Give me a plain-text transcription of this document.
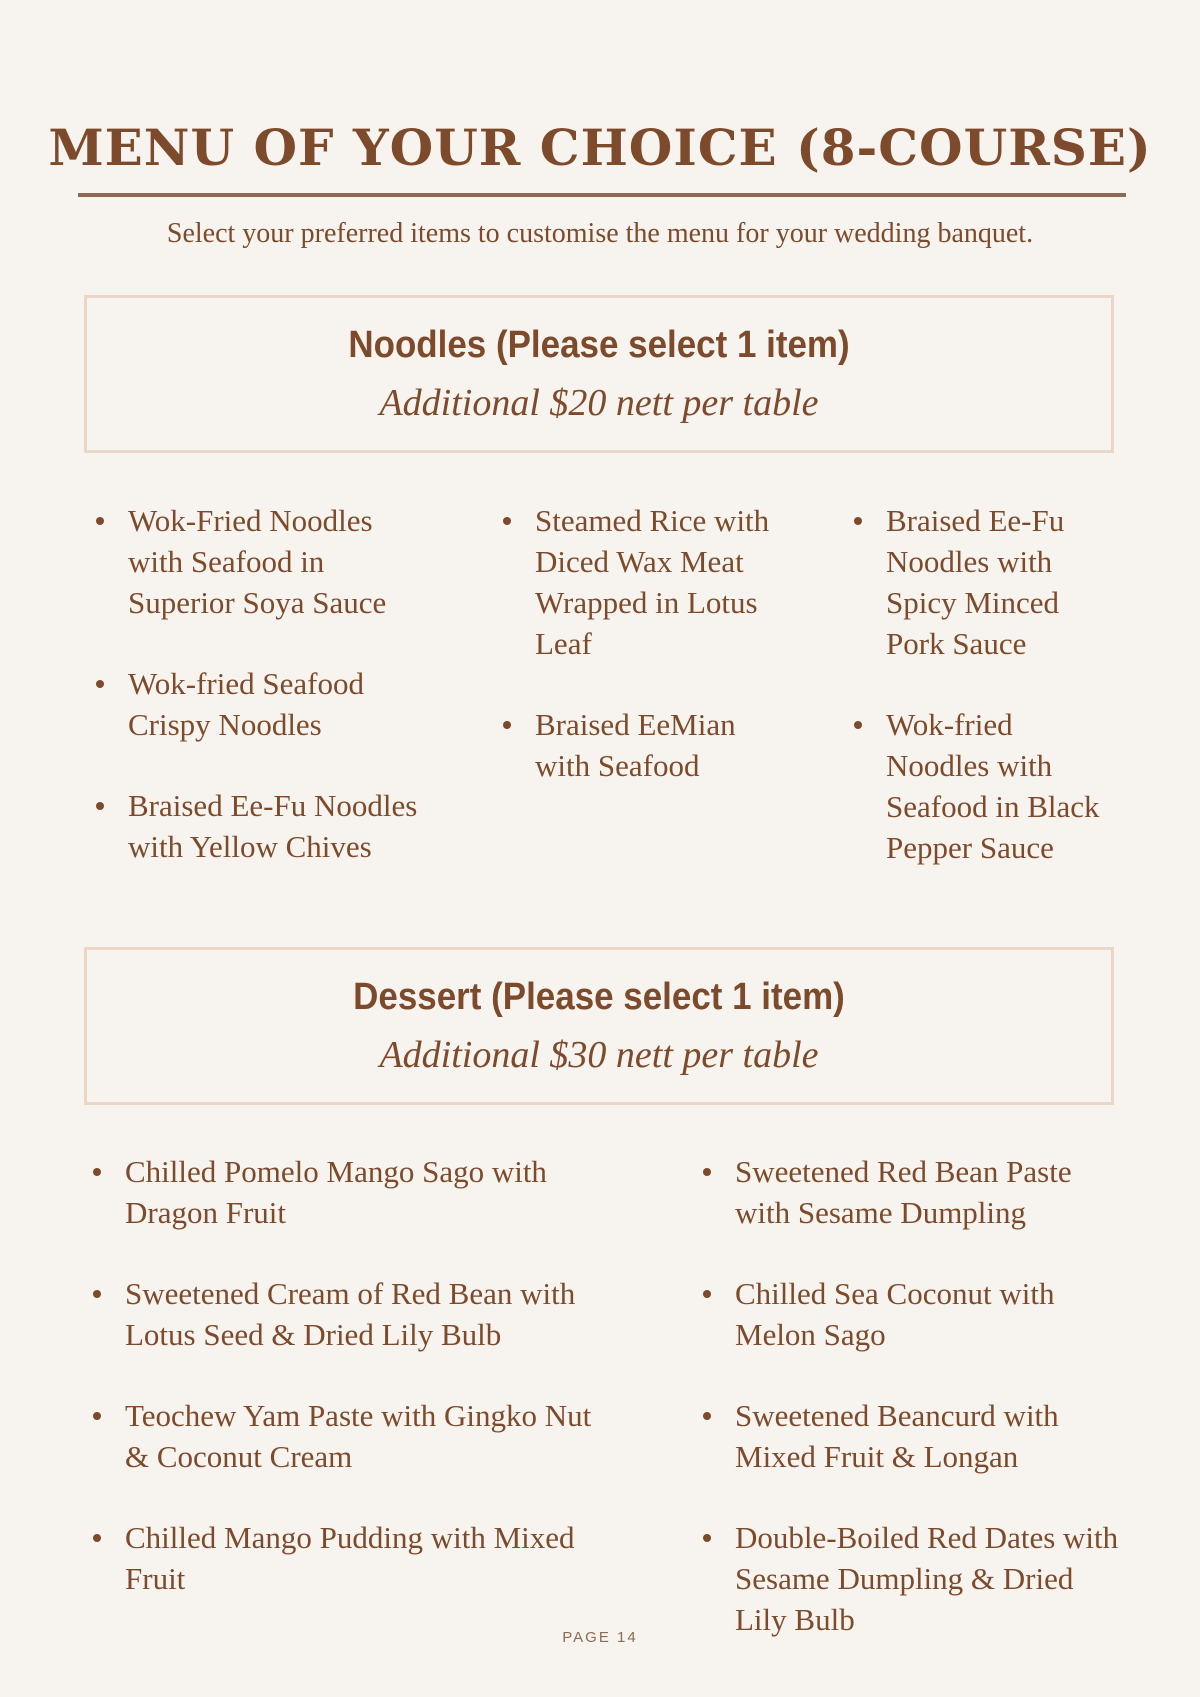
MENU OF YOUR CHOICE (8-COURSE)
Select your preferred items to customise the menu for your wedding banquet.
Noodles (Please select 1 item)
Additional $20 nett per table
Wok-Fried Noodles with Seafood in Superior Soya Sauce
Wok-fried Seafood Crispy Noodles
Braised Ee-Fu Noodles with Yellow Chives
Steamed Rice with Diced Wax Meat Wrapped in Lotus Leaf
Braised EeMian with Seafood
Braised Ee-Fu Noodles with Spicy Minced Pork Sauce
Wok-fried Noodles with Seafood in Black Pepper Sauce
Dessert (Please select 1 item)
Additional $30 nett per table
Chilled Pomelo Mango Sago with Dragon Fruit
Sweetened Cream of Red Bean with Lotus Seed & Dried Lily Bulb
Teochew Yam Paste with Gingko Nut & Coconut Cream
Chilled Mango Pudding with Mixed Fruit
Sweetened Red Bean Paste with Sesame Dumpling
Chilled Sea Coconut with Melon Sago
Sweetened Beancurd with Mixed Fruit & Longan
Double-Boiled Red Dates with Sesame Dumpling & Dried Lily Bulb
PAGE 14
